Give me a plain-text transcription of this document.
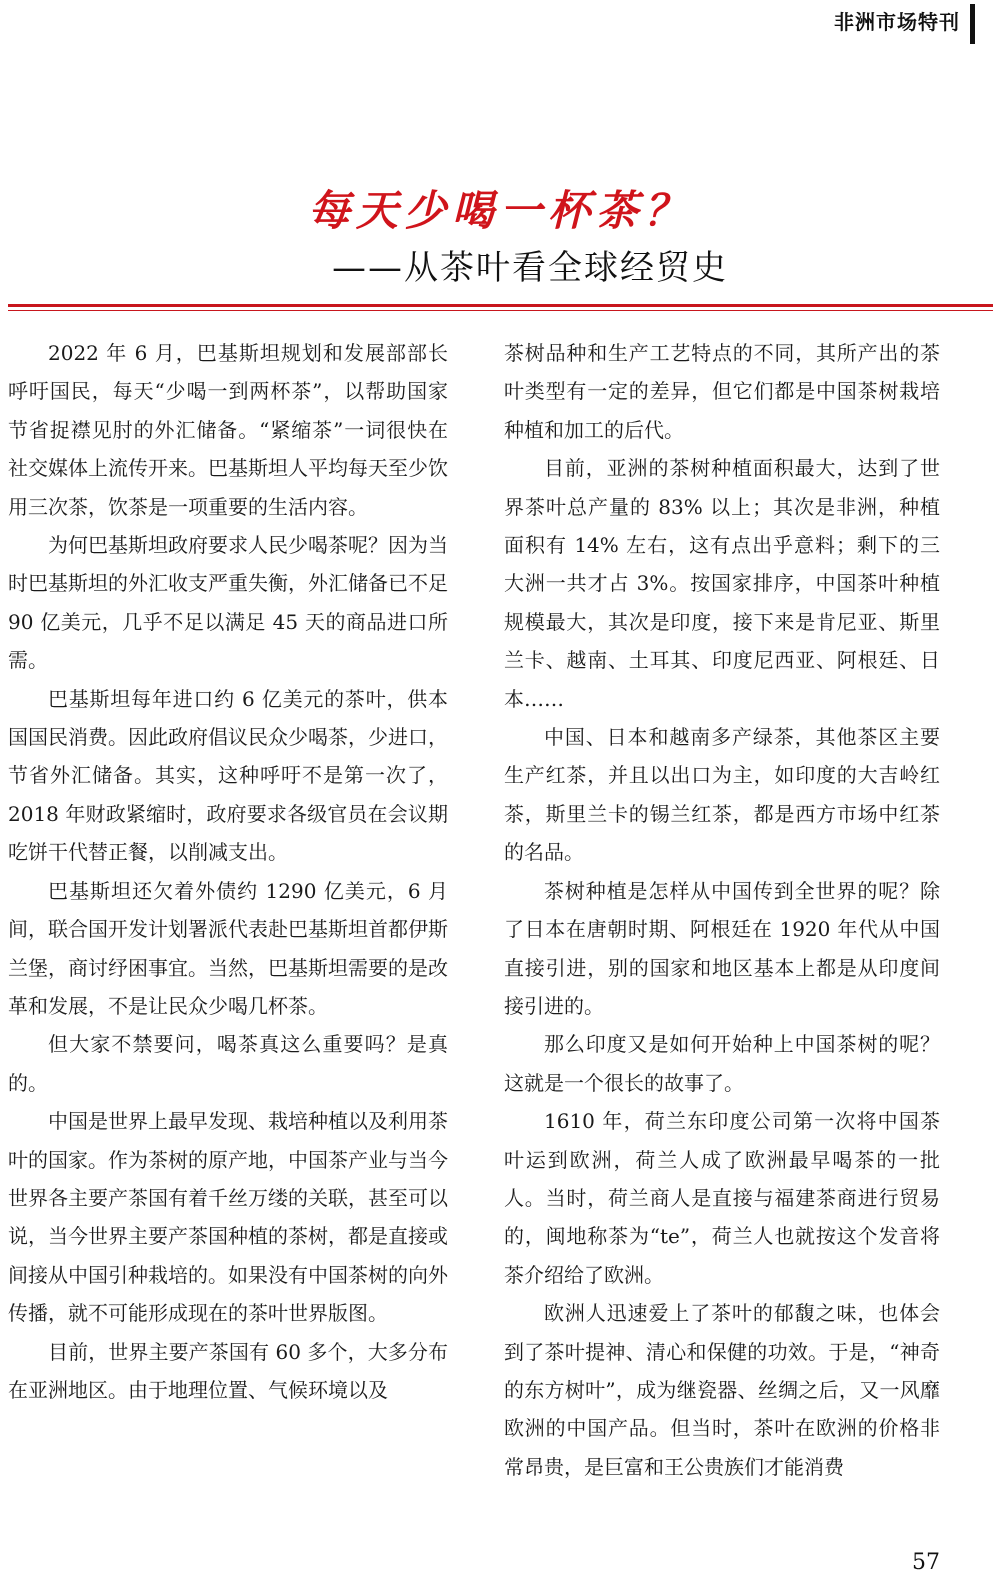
非洲市场特刊
每天少喝一杯茶？
——从茶叶看全球经贸史

2022 年 6 月，巴基斯坦规划和发展部部长呼吁国民，每天“少喝一到两杯茶”，以帮助国家节省捉襟见肘的外汇储备。“紧缩茶”一词很快在社交媒体上流传开来。巴基斯坦人平均每天至少饮用三次茶，饮茶是一项重要的生活内容。

为何巴基斯坦政府要求人民少喝茶呢？因为当时巴基斯坦的外汇收支严重失衡，外汇储备已不足 90 亿美元，几乎不足以满足 45 天的商品进口所需。

巴基斯坦每年进口约 6 亿美元的茶叶，供本国国民消费。因此政府倡议民众少喝茶，少进口，节省外汇储备。其实，这种呼吁不是第一次了，2018 年财政紧缩时，政府要求各级官员在会议期吃饼干代替正餐，以削减支出。

巴基斯坦还欠着外债约 1290 亿美元，6 月间，联合国开发计划署派代表赴巴基斯坦首都伊斯兰堡，商讨纾困事宜。当然，巴基斯坦需要的是改革和发展，不是让民众少喝几杯茶。

但大家不禁要问，喝茶真这么重要吗？是真的。

中国是世界上最早发现、栽培种植以及利用茶叶的国家。作为茶树的原产地，中国茶产业与当今世界各主要产茶国有着千丝万缕的关联，甚至可以说，当今世界主要产茶国种植的茶树，都是直接或间接从中国引种栽培的。如果没有中国茶树的向外传播，就不可能形成现在的茶叶世界版图。

目前，世界主要产茶国有 60 多个，大多分布在亚洲地区。由于地理位置、气候环境以及

茶树品种和生产工艺特点的不同，其所产出的茶叶类型有一定的差异，但它们都是中国茶树栽培种植和加工的后代。

目前，亚洲的茶树种植面积最大，达到了世界茶叶总产量的 83% 以上；其次是非洲，种植面积有 14% 左右，这有点出乎意料；剩下的三大洲一共才占 3%。按国家排序，中国茶叶种植规模最大，其次是印度，接下来是肯尼亚、斯里兰卡、越南、土耳其、印度尼西亚、阿根廷、日本……

中国、日本和越南多产绿茶，其他茶区主要生产红茶，并且以出口为主，如印度的大吉岭红茶，斯里兰卡的锡兰红茶，都是西方市场中红茶的名品。

茶树种植是怎样从中国传到全世界的呢？除了日本在唐朝时期、阿根廷在 1920 年代从中国直接引进，别的国家和地区基本上都是从印度间接引进的。

那么印度又是如何开始种上中国茶树的呢？这就是一个很长的故事了。

1610 年，荷兰东印度公司第一次将中国茶叶运到欧洲，荷兰人成了欧洲最早喝茶的一批人。当时，荷兰商人是直接与福建茶商进行贸易的，闽地称茶为“te”，荷兰人也就按这个发音将茶介绍给了欧洲。

欧洲人迅速爱上了茶叶的郁馥之味，也体会到了茶叶提神、清心和保健的功效。于是，“神奇的东方树叶”，成为继瓷器、丝绸之后，又一风靡欧洲的中国产品。但当时，茶叶在欧洲的价格非常昂贵，是巨富和王公贵族们才能消费

57
